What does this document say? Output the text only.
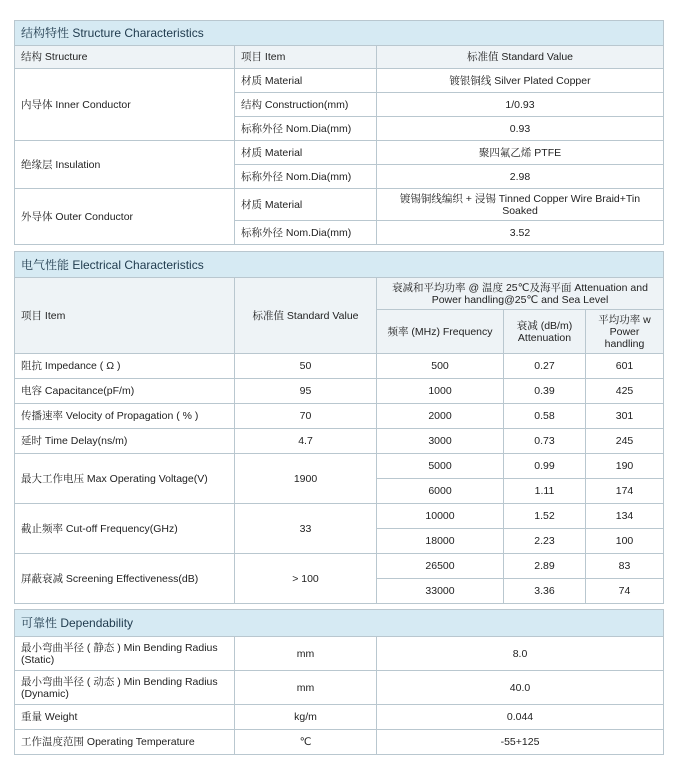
结构特性 Structure Characteristics		
结构 Structure	项目 Item	标准值 Standard Value
内导体 Inner Conductor	材质 Material	镀银铜线 Silver Plated Copper
	结构 Construction(mm)	1/0.93
	标称外径 Nom.Dia(mm)	0.93
绝缘层 Insulation	材质 Material	聚四氟乙烯 PTFE
	标称外径 Nom.Dia(mm)	2.98
外导体 Outer Conductor	材质 Material	镀锡铜线编织 + 浸锡 Tinned Copper Wire Braid+Tin Soaked
	标称外径 Nom.Dia(mm)	3.52
电气性能 Electrical Characteristics				
项目 Item	标准值 Standard Value	衰减和平均功率 @ 温度 25℃及海平面 Attenuation and Power handling@25℃ and Sea Level		
		频率 (MHz) Frequency	衰减 (dB/m) Attenuation	平均功率 w Power handling
阻抗 Impedance ( Ω )	50	500	0.27	601
电容 Capacitance(pF/m)	95	1000	0.39	425
传播速率 Velocity of Propagation ( % )	70	2000	0.58	301
延时 Time Delay(ns/m)	4.7	3000	0.73	245
最大工作电压 Max Operating Voltage(V)	1900	5000	0.99	190
		6000	1.11	174
截止频率 Cut-off Frequency(GHz)	33	10000	1.52	134
		18000	2.23	100
屏蔽衰减 Screening Effectiveness(dB)	> 100	26500	2.89	83
		33000	3.36	74
可靠性 Dependability		
最小弯曲半径 ( 静态 ) Min Bending Radius (Static)	mm	8.0
最小弯曲半径 ( 动态 ) Min Bending Radius (Dynamic)	mm	40.0
重量 Weight	kg/m	0.044
工作温度范围 Operating Temperature	℃	-55+125
